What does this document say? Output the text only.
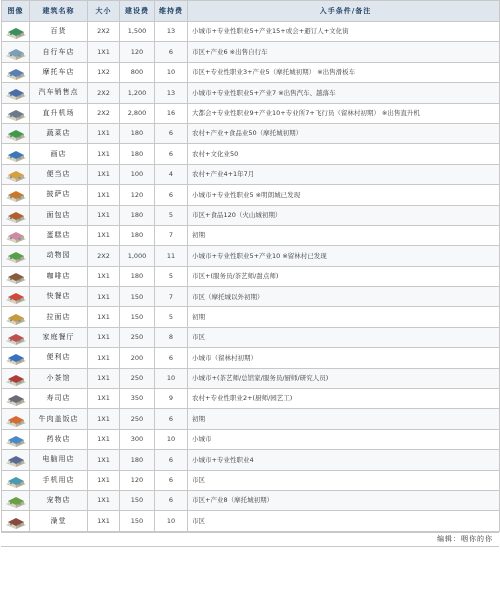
图像	建筑名称	大小	建设费	维持费	入手条件/备注

	百货	2X2	1,500	13	小城市+专业性职业5+产业15+或会+避订人+文化街

	自行车店	1X1	120	6	市区+产业6 ※出售自行车

	摩托车店	1X2	800	10	市区+专业性职业3+产业5（摩托城初期） ※出售滑板车

	汽车销售点	2X2	1,200	13	小城市+专业性职业5+产业7 ※出售汽车、越落车

	直升机场	2X2	2,800	16	大都会+专业性职业9+产业10+专业所7+飞行员（留林村初期） ※出售直升机

	蔬菜店	1X1	180	6	农村+产业+食品业50（摩托城初期）

	画店	1X1	180	6	农村+文化业50

	便当店	1X1	100	4	农村+产业4+1年7月

	披萨店	1X1	120	6	小城市+专业性职业5 ※明朗城已发现

	面包店	1X1	180	5	市区+食品120（火山城初期）

	蛋糕店	1X1	180	7	初期

	动物园	2X2	1,000	11	小城市+专业性职业5+产业10 ※留林村已发现

	咖啡店	1X1	180	5	市区+(服务员/茶艺师/甜点师)

	快餐店	1X1	150	7	市区（摩托城以外初期）

	拉面店	1X1	150	5	初期

	家庭餐厅	1X1	250	8	市区

	便利店	1X1	200	6	小城市（留林村初期）

	小茶馆	1X1	250	10	小城市+(茶艺师/总馆家/服务员/厨师/研究人员)

	寿司店	1X1	350	9	农村+专业性职业2+(厨师/园艺工)

	牛肉盖饭店	1X1	250	6	初期

	药妆店	1X1	300	10	小城市

	电脑用店	1X1	180	6	小城市+专业性职业4

	手机用店	1X1	120	6	市区

	宠物店	1X1	150	6	市区+产业8（摩托城初期）

	澡堂	1X1	150	10	市区
编辑：咽你的你
